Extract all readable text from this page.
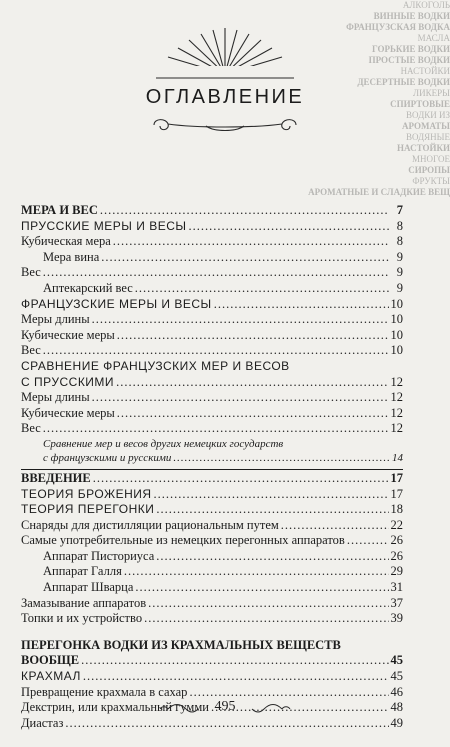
АЛКОГОЛЬ
ВИННЫЕ ВОДКИ
ФРАНЦУЗСКАЯ ВОДКА
МАСЛА
ГОРЬКИЕ ВОДКИ
ПРОСТЫЕ ВОДКИ
НАСТОЙКИ
ДЕСЕРТНЫЕ ВОДКИ
ЛИКЕРЫ
СПИРТОВЫЕ
ВОДКИ ИЗ
АРОМАТЫ
ВОДЯНЫЕ
НАСТОЙКИ
МНОГОЕ
СИРОПЫ
ФРУКТЫ
АРОМАТНЫЕ И СЛАДКИЕ ВЕЩ
ОГЛАВЛЕНИЕ
МЕРА И ВЕС .....	7
ПРУССКИЕ МЕРЫ И ВЕСЫ .....	8
Кубическая мера .....	8
Мера вина .....	9
Вес .....	9
Аптекарский вес .....	9
ФРАНЦУЗСКИЕ МЕРЫ И ВЕСЫ .....	10
Меры длины .....	10
Кубические меры .....	10
Вес .....	10
СРАВНЕНИЕ ФРАНЦУЗСКИХ МЕР И ВЕСОВ
С ПРУССКИМИ .....	12
Меры длины .....	12
Кубические меры .....	12
Вес .....	12
Сравнение мер и весов других немецких государств
с французскими и русскими .....	14
ВВЕДЕНИЕ .....	17
ТЕОРИЯ БРОЖЕНИЯ .....	17
ТЕОРИЯ ПЕРЕГОНКИ .....	18
Снаряды для дистилляции рациональным путем .....	22
Самые употребительные из немецких перегонных аппаратов .....	26
Аппарат Писториуса .....	26
Аппарат Галля .....	29
Аппарат Шварца .....	31
Замазывание аппаратов .....	37
Топки и их устройство .....	39
ПЕРЕГОНКА ВОДКИ ИЗ КРАХМАЛЬНЫХ ВЕЩЕСТВ
ВООБЩЕ .....	45
КРАХМАЛ .....	45
Превращение крахмала в сахар .....	46
Декстрин, или крахмальный гумми .....	48
Диастаз .....	49
495
